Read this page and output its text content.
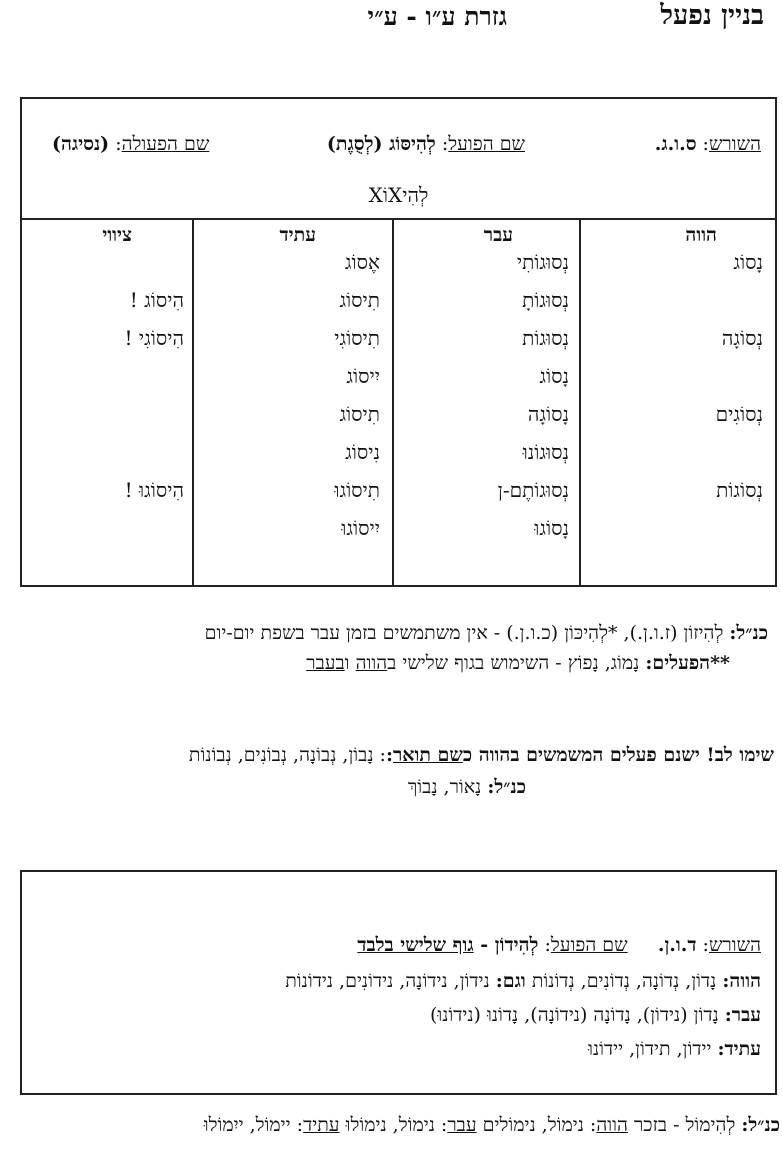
בניין נפעל
גזרת ע״ו - ע״י
השורש: ס.ו.ג.
שם הפועל: לְהִיסּוֹג (לְסֻגֶת)
שם הפעולה: (נסיגה)
לְהִיXוֹX
הווה
נָסוֹג
נְסוֹגָה
נְסוֹגִים
נְסוֹגוֹת
עבר
נְסוּגוֹתִי
נְסוּגוֹתָ
נְסוּגוֹת
נָסוֹג
נָסוֹגָה
נְסוּגוֹנוּ
נְסוּגוֹתֶם-ן
נָסוֹגוּ
עתיד
אֶסוֹג
תִיסוֹג
תִיסוֹגִי
יִיסוֹג
תִיסוֹג
נִיסוֹג
תִיסוֹגוּ
יִיסוֹגוּ
ציווי
הִיסוֹג !
הִיסוֹגִי !
הִיסוֹגוּ !
כנ״ל: לְהִיזוֹן (ז.ו.ן.), *לְהִיכּוֹן (כ.ו.ן.) - אין משתמשים בזמן עבר בשפת יום-יום
**הפעלים: נָמוֹג, נָפוֹץ - השימוש בגוף שלישי בהווה ובעבר
שימו לב! ישנם פעלים המשמשים בהווה כשם תואר:: נָבוֹן, נְבוֹנָה, נְבוֹנִים, נְבוֹנוֹת
כנ״ל: נָאוֹר, נָבוֹךְ
השורש: ד.ו.ן.     שם הפועל: לְהִידוֹן - גוף שלישי בלבד
הווה: נָדוֹן, נְדוֹנָה, נְדוֹנִים, נְדוֹנוֹת וגם: נידוֹן, נידוֹנָה, נידוֹנִים, נידוֹנוֹת
עבר: נָדוֹן (נידוֹן), נָדוֹנָה (נידוֹנָה), נָדוֹנוּ (נידוֹנוּ)
עתיד: יידוֹן, תידוֹן, יידוֹנוּ
כנ״ל: לְהִימוֹל - בזכר הווה: נימוֹל, נימוֹלים עבר: נימוֹל, נימוֹלוּ עתיד: יימוֹל, ייִמוֹלוּ
